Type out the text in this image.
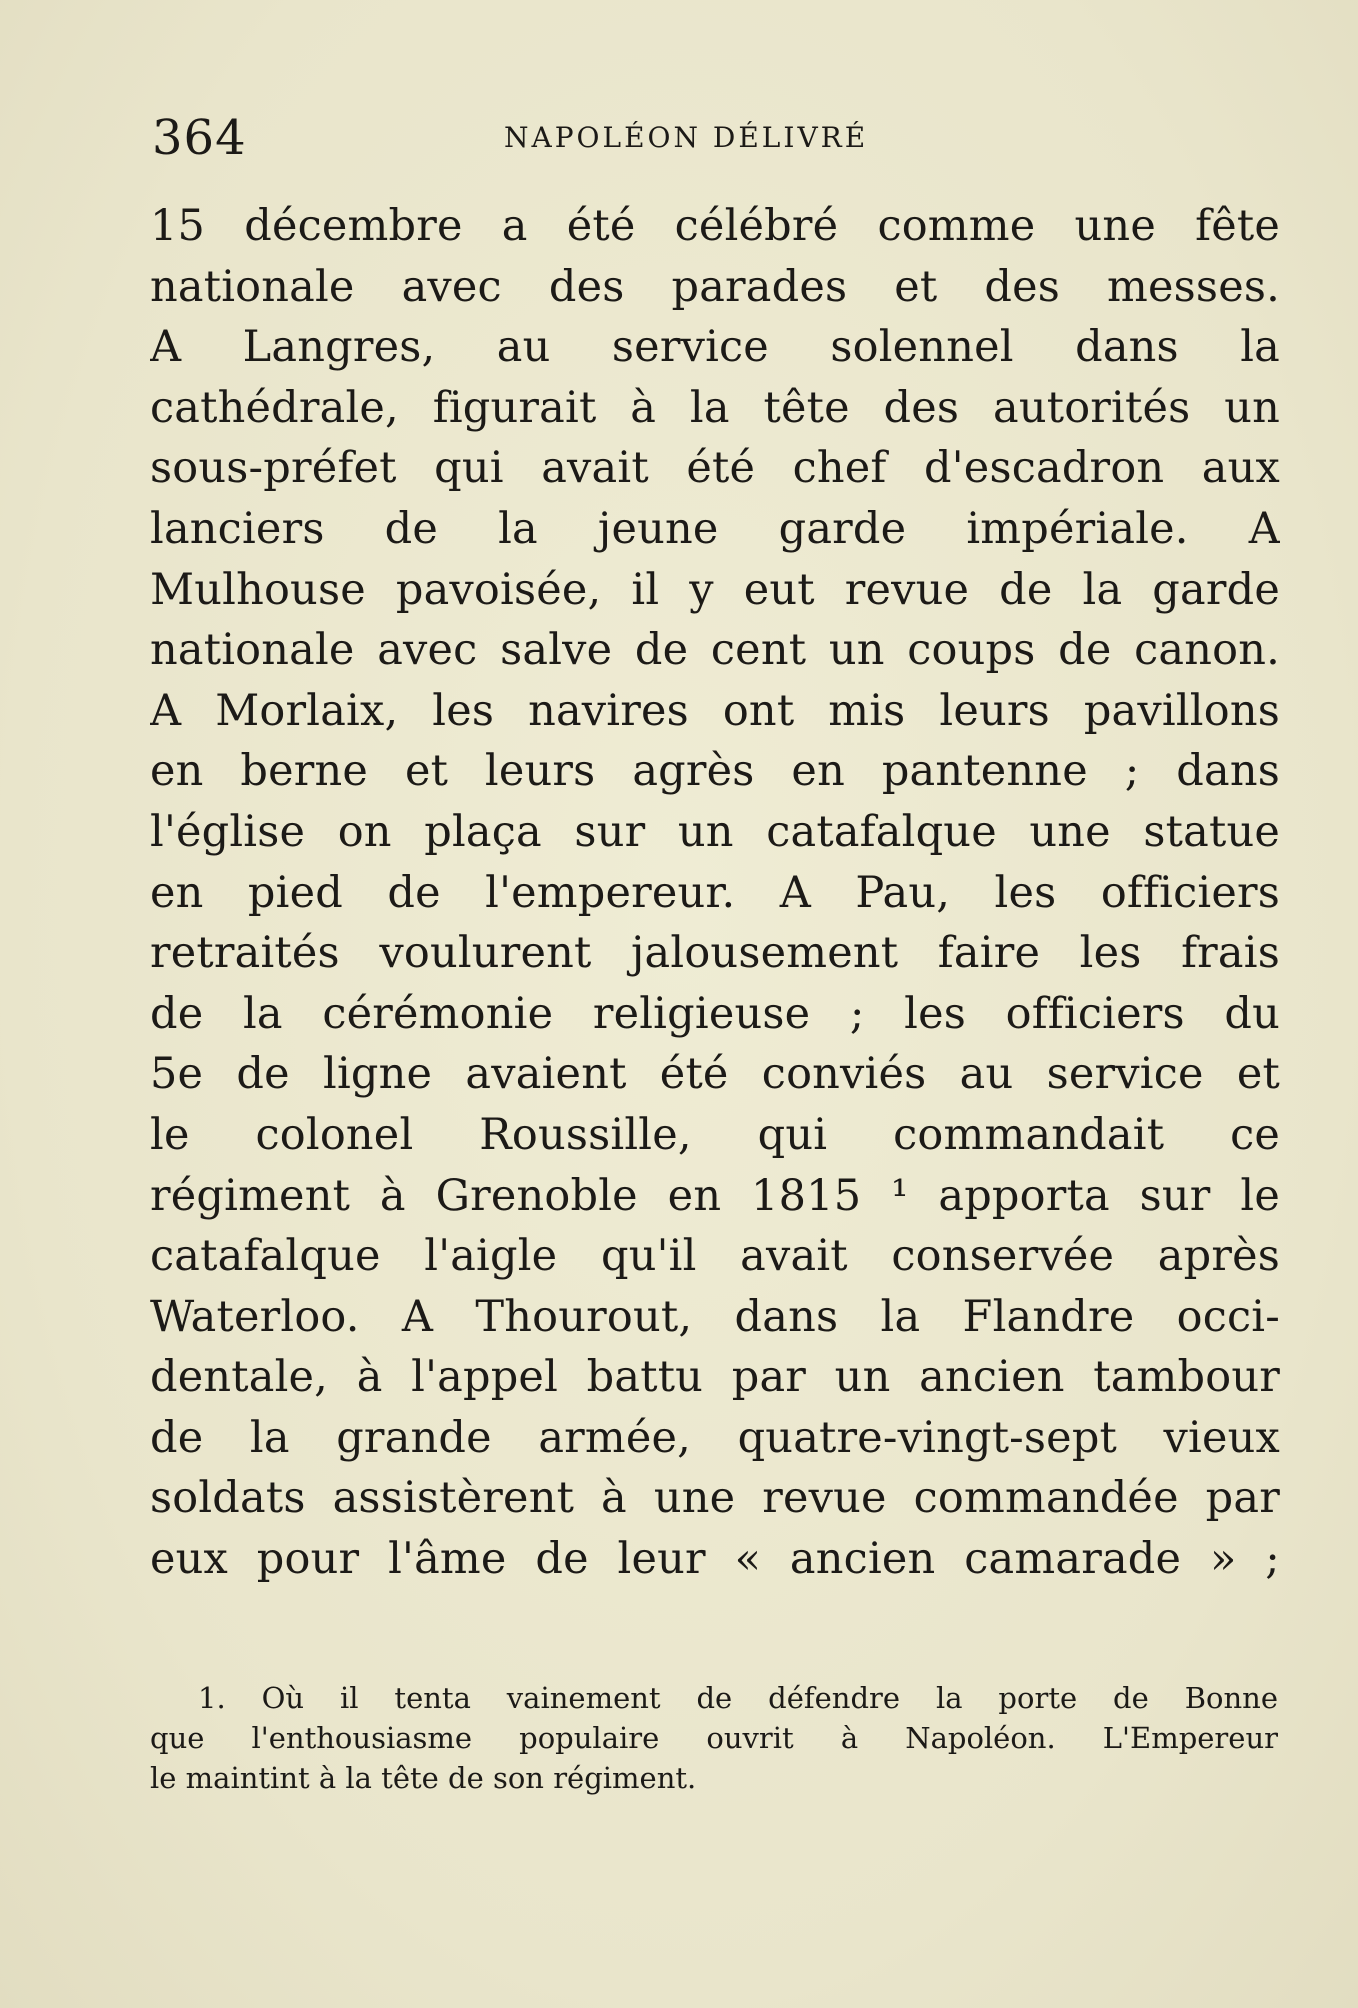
364	NAPOLÉON DÉLIVRÉ
15 décembre a été célébré comme une fête
nationale avec des parades et des messes.
A Langres, au service solennel dans la
cathédrale, figurait à la tête des autorités un
sous-préfet qui avait été chef d'escadron aux
lanciers de la jeune garde impériale. A
Mulhouse pavoisée, il y eut revue de la garde
nationale avec salve de cent un coups de canon.
A Morlaix, les navires ont mis leurs pavillons
en berne et leurs agrès en pantenne ; dans
l'église on plaça sur un catafalque une statue
en pied de l'empereur. A Pau, les officiers
retraités voulurent jalousement faire les frais
de la cérémonie religieuse ; les officiers du
5e de ligne avaient été conviés au service et
le colonel Roussille, qui commandait ce
régiment à Grenoble en 1815 ¹ apporta sur le
catafalque l'aigle qu'il avait conservée après
Waterloo. A Thourout, dans la Flandre occi-
dentale, à l'appel battu par un ancien tambour
de la grande armée, quatre-vingt-sept vieux
soldats assistèrent à une revue commandée par
eux pour l'âme de leur « ancien camarade » ;
1. Où il tenta vainement de défendre la porte de Bonne
que l'enthousiasme populaire ouvrit à Napoléon. L'Empereur
le maintint à la tête de son régiment.
